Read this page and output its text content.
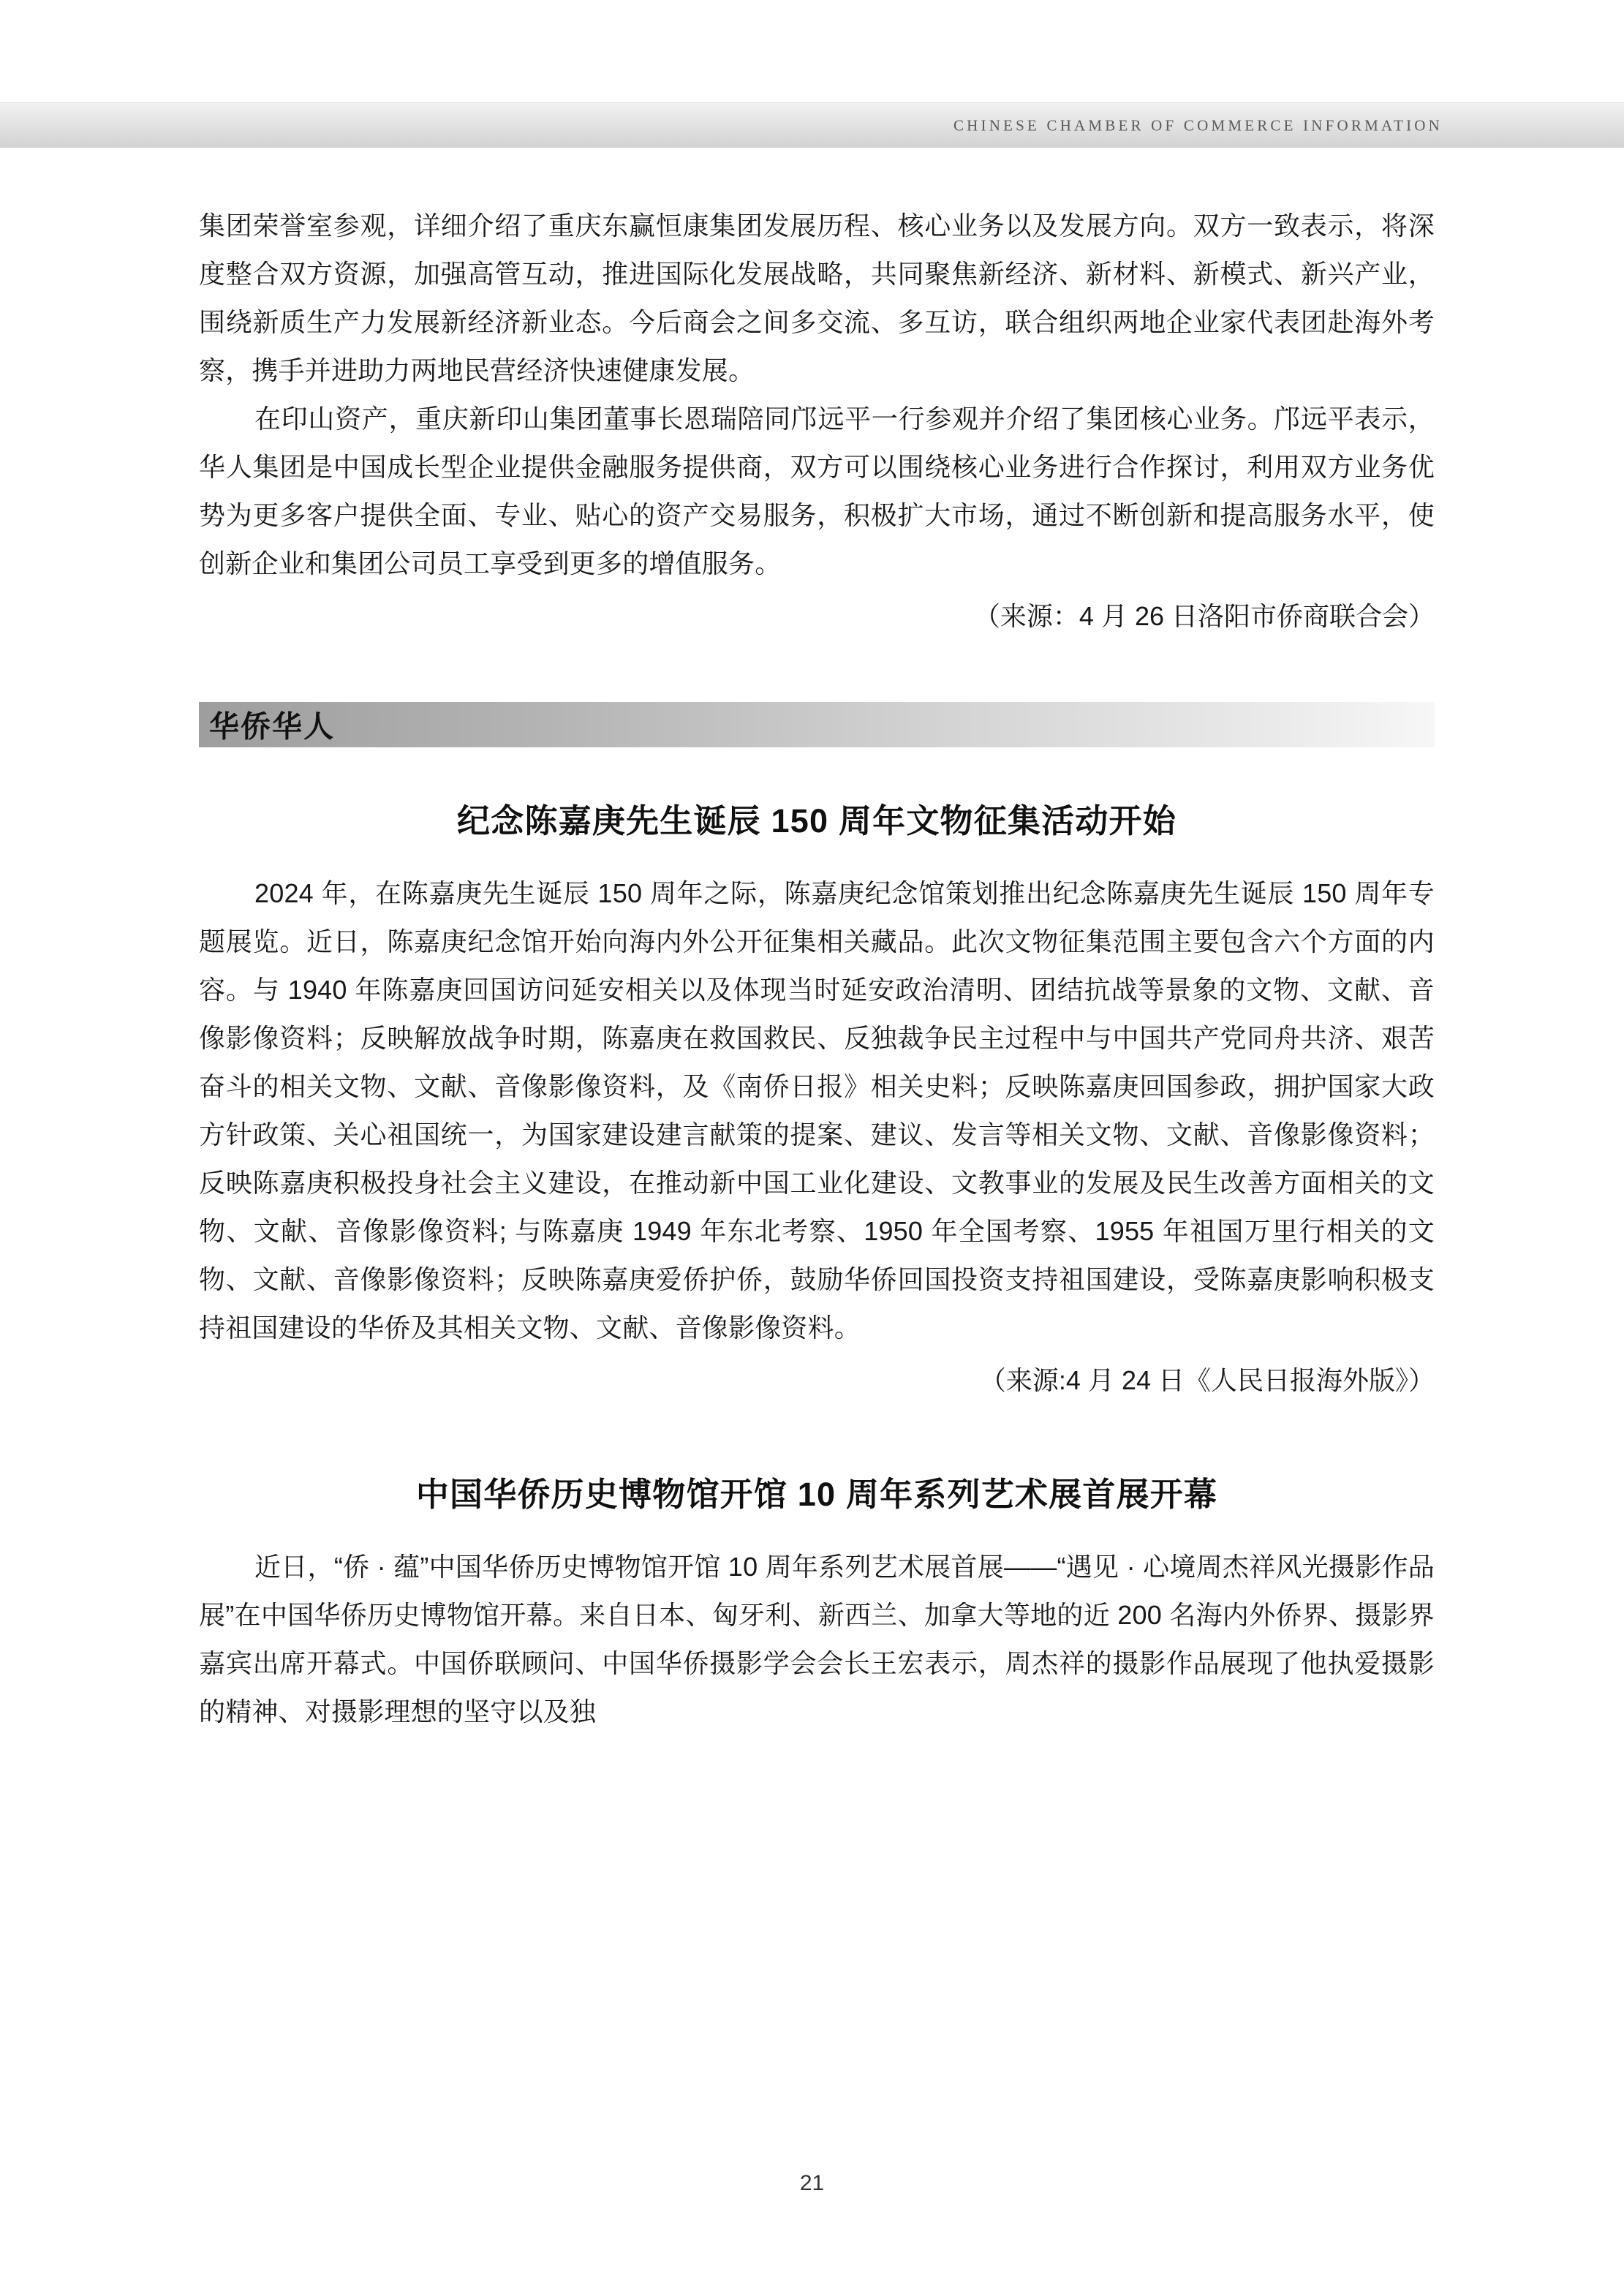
CHINESE CHAMBER OF COMMERCE INFORMATION

集团荣誉室参观，详细介绍了重庆东赢恒康集团发展历程、核心业务以及发展方向。双方一致表示，将深度整合双方资源，加强高管互动，推进国际化发展战略，共同聚焦新经济、新材料、新模式、新兴产业，围绕新质生产力发展新经济新业态。今后商会之间多交流、多互访，联合组织两地企业家代表团赴海外考察，携手并进助力两地民营经济快速健康发展。

在印山资产，重庆新印山集团董事长恩瑞陪同邝远平一行参观并介绍了集团核心业务。邝远平表示，华人集团是中国成长型企业提供金融服务提供商，双方可以围绕核心业务进行合作探讨，利用双方业务优势为更多客户提供全面、专业、贴心的资产交易服务，积极扩大市场，通过不断创新和提高服务水平，使创新企业和集团公司员工享受到更多的增值服务。

（来源：4 月 26 日洛阳市侨商联合会）
华侨华人
纪念陈嘉庚先生诞辰 150 周年文物征集活动开始

2024 年，在陈嘉庚先生诞辰 150 周年之际，陈嘉庚纪念馆策划推出纪念陈嘉庚先生诞辰 150 周年专题展览。近日，陈嘉庚纪念馆开始向海内外公开征集相关藏品。此次文物征集范围主要包含六个方面的内容。与 1940 年陈嘉庚回国访问延安相关以及体现当时延安政治清明、团结抗战等景象的文物、文献、音像影像资料；反映解放战争时期，陈嘉庚在救国救民、反独裁争民主过程中与中国共产党同舟共济、艰苦奋斗的相关文物、文献、音像影像资料，及《南侨日报》相关史料；反映陈嘉庚回国参政，拥护国家大政方针政策、关心祖国统一，为国家建设建言献策的提案、建议、发言等相关文物、文献、音像影像资料；反映陈嘉庚积极投身社会主义建设，在推动新中国工业化建设、文教事业的发展及民生改善方面相关的文物、文献、音像影像资料; 与陈嘉庚 1949 年东北考察、1950 年全国考察、1955 年祖国万里行相关的文物、文献、音像影像资料；反映陈嘉庚爱侨护侨，鼓励华侨回国投资支持祖国建设，受陈嘉庚影响积极支持祖国建设的华侨及其相关文物、文献、音像影像资料。

（来源:4 月 24 日《人民日报海外版》）
中国华侨历史博物馆开馆 10 周年系列艺术展首展开幕

近日，“侨 · 蕴”中国华侨历史博物馆开馆 10 周年系列艺术展首展——“遇见 · 心境周杰祥风光摄影作品展”在中国华侨历史博物馆开幕。来自日本、匈牙利、新西兰、加拿大等地的近 200 名海内外侨界、摄影界嘉宾出席开幕式。中国侨联顾问、中国华侨摄影学会会长王宏表示，周杰祥的摄影作品展现了他执爱摄影的精神、对摄影理想的坚守以及独

21
